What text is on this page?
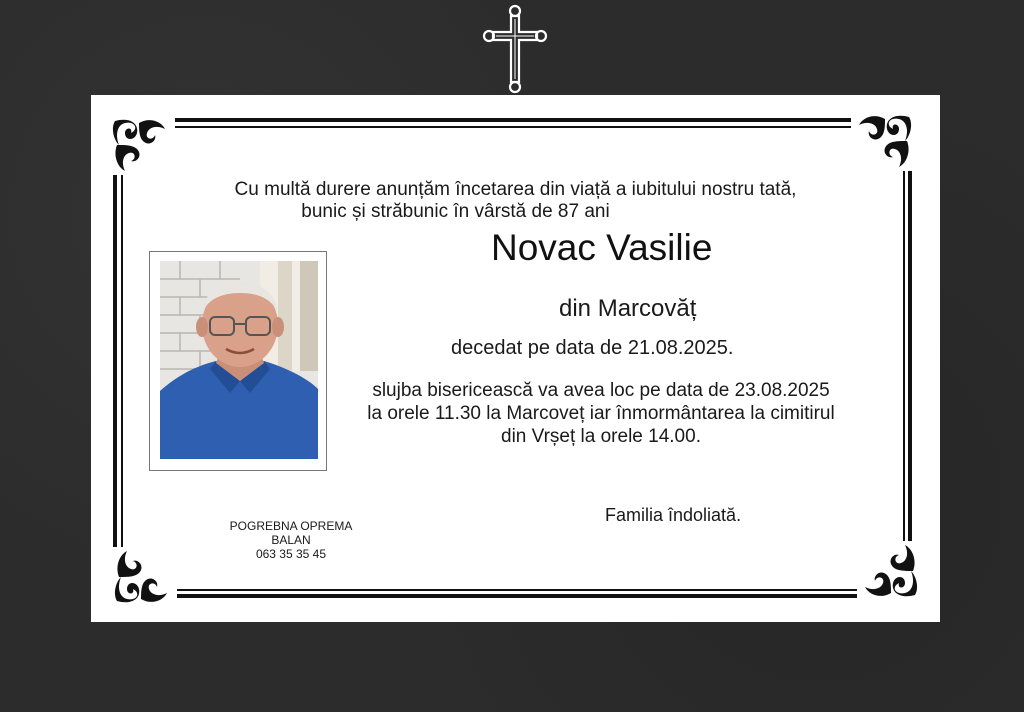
Cu multă durere anunțăm încetarea din viață a iubitului nostru tată,
bunic și străbunic în vârstă de 87 ani
Novac Vasilie
din Marcovăț
decedat pe data de 21.08.2025.
slujba bisericească va avea loc pe data de 23.08.2025
la orele 11.30 la Marcoveț iar înmormântarea la cimitirul
din Vrșeț la orele 14.00.
Familia îndoliată.
POGREBNA OPREMA
BALAN
063 35 35 45
